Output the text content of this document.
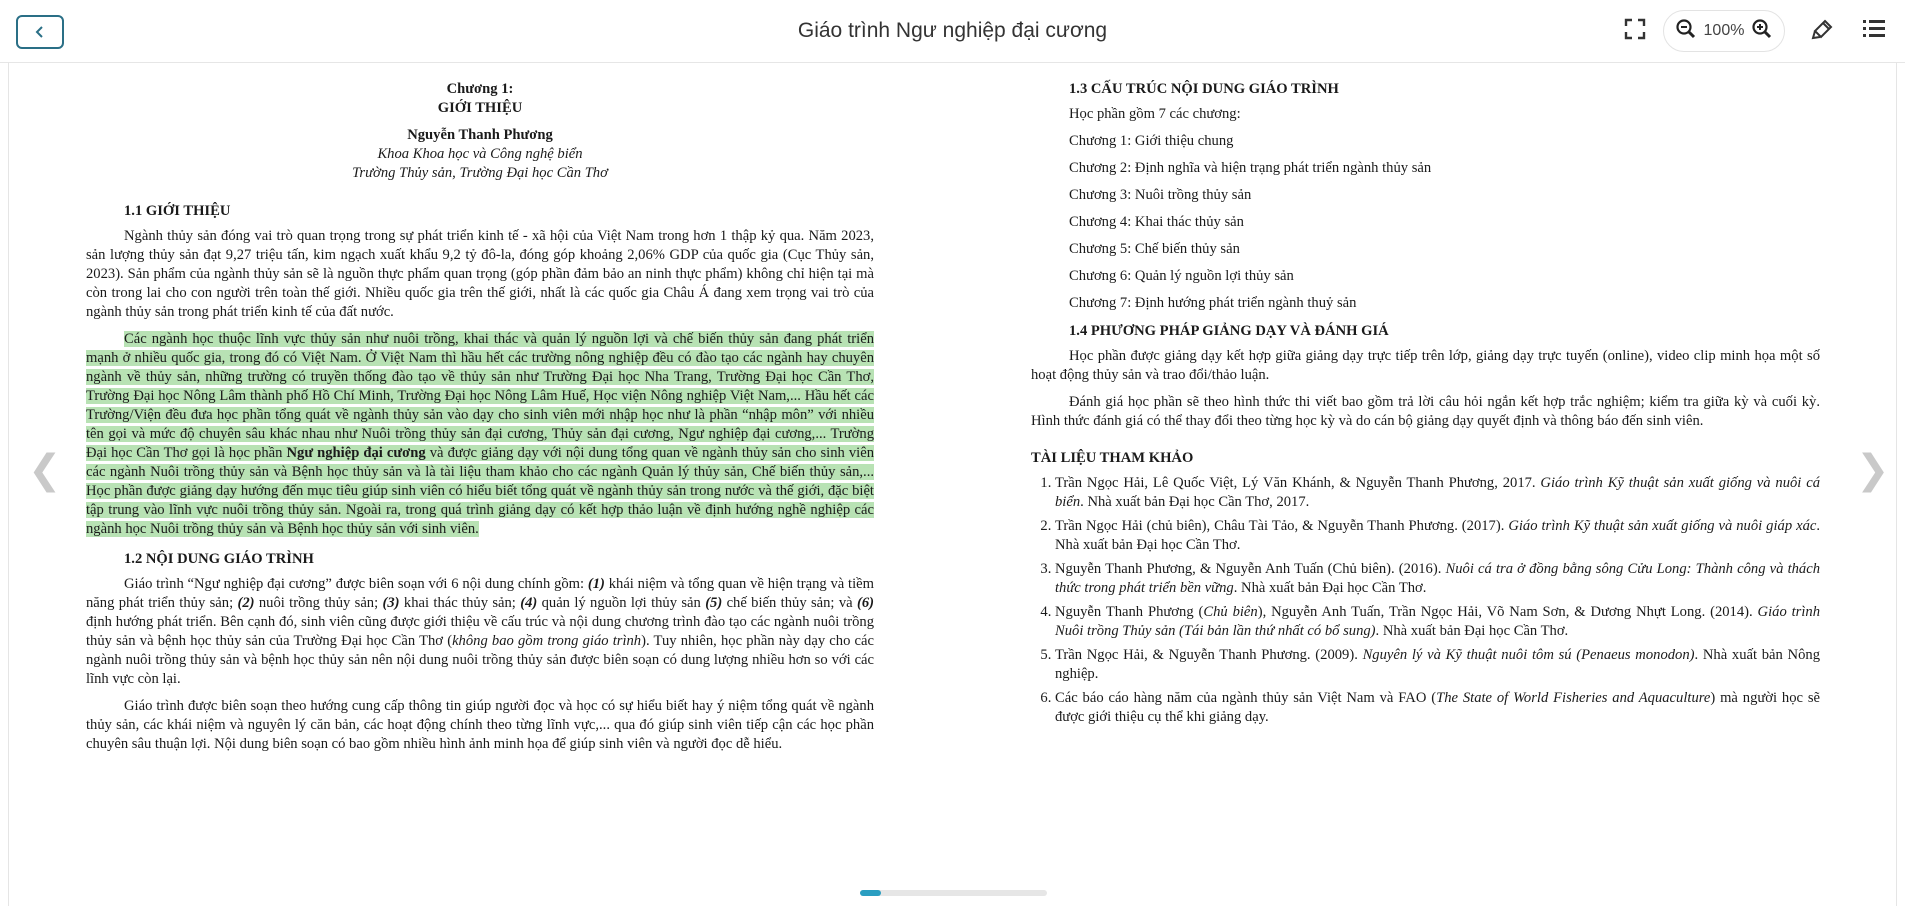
Giáo trình Ngư nghiệp đại cương	100%
❮	❯

Chương 1:

GIỚI THIỆU

Nguyễn Thanh Phương

Khoa Khoa học và Công nghệ biển

Trường Thủy sản, Trường Đại học Cần Thơ

1.1 GIỚI THIỆU

Ngành thủy sản đóng vai trò quan trọng trong sự phát triển kinh tế - xã hội của Việt Nam trong hơn 1 thập kỷ qua. Năm 2023, sản lượng thủy sản đạt 9,27 triệu tấn, kim ngạch xuất khẩu 9,2 tỷ đô-la, đóng góp khoảng 2,06% GDP của quốc gia (Cục Thủy sản, 2023). Sản phẩm của ngành thủy sản sẽ là nguồn thực phẩm quan trọng (góp phần đảm bảo an ninh thực phẩm) không chỉ hiện tại mà còn trong lai cho con người trên toàn thế giới. Nhiều quốc gia trên thế giới, nhất là các quốc gia Châu Á đang xem trọng vai trò của ngành thủy sản trong phát triển kinh tế của đất nước.

Các ngành học thuộc lĩnh vực thủy sản như nuôi trồng, khai thác và quản lý nguồn lợi và chế biến thủy sản đang phát triển mạnh ở nhiều quốc gia, trong đó có Việt Nam. Ở Việt Nam thì hầu hết các trường nông nghiệp đều có đào tạo các ngành hay chuyên ngành về thủy sản, những trường có truyền thống đào tạo về thủy sản như Trường Đại học Nha Trang, Trường Đại học Cần Thơ, Trường Đại học Nông Lâm thành phố Hồ Chí Minh, Trường Đại học Nông Lâm Huế, Học viện Nông nghiệp Việt Nam,... Hầu hết các Trường/Viện đều đưa học phần tổng quát về ngành thủy sản vào dạy cho sinh viên mới nhập học như là phần “nhập môn” với nhiều tên gọi và mức độ chuyên sâu khác nhau như Nuôi trồng thủy sản đại cương, Thủy sản đại cương, Ngư nghiệp đại cương,... Trường Đại học Cần Thơ gọi là học phần Ngư nghiệp đại cương và được giảng dạy với nội dung tổng quan về ngành thủy sản cho sinh viên các ngành Nuôi trồng thủy sản và Bệnh học thủy sản và là tài liệu tham khảo cho các ngành Quản lý thủy sản, Chế biến thủy sản,... Học phần được giảng dạy hướng đến mục tiêu giúp sinh viên có hiểu biết tổng quát về ngành thủy sản trong nước và thế giới, đặc biệt tập trung vào lĩnh vực nuôi trồng thủy sản. Ngoài ra, trong quá trình giảng dạy có kết hợp thảo luận về định hướng nghề nghiệp các ngành học Nuôi trồng thủy sản và Bệnh học thủy sản với sinh viên.

1.2 NỘI DUNG GIÁO TRÌNH

Giáo trình “Ngư nghiệp đại cương” được biên soạn với 6 nội dung chính gồm: (1) khái niệm và tổng quan về hiện trạng và tiềm năng phát triển thủy sản; (2) nuôi trồng thủy sản; (3) khai thác thủy sản; (4) quản lý nguồn lợi thủy sản (5) chế biến thủy sản; và (6) định hướng phát triển. Bên cạnh đó, sinh viên cũng được giới thiệu về cấu trúc và nội dung chương trình đào tạo các ngành nuôi trồng thủy sản và bệnh học thủy sản của Trường Đại học Cần Thơ (không bao gồm trong giáo trình). Tuy nhiên, học phần này dạy cho các ngành nuôi trồng thủy sản và bệnh học thủy sản nên nội dung nuôi trồng thủy sản được biên soạn có dung lượng nhiều hơn so với các lĩnh vực còn lại.

Giáo trình được biên soạn theo hướng cung cấp thông tin giúp người đọc và học có sự hiểu biết hay ý niệm tổng quát về ngành thủy sản, các khái niệm và nguyên lý căn bản, các hoạt động chính theo từng lĩnh vực,... qua đó giúp sinh viên tiếp cận các học phần chuyên sâu thuận lợi. Nội dung biên soạn có bao gồm nhiều hình ảnh minh họa để giúp sinh viên và người đọc dễ hiểu.

1.3 CẤU TRÚC NỘI DUNG GIÁO TRÌNH

Học phần gồm 7 các chương:

Chương 1: Giới thiệu chung

Chương 2: Định nghĩa và hiện trạng phát triển ngành thủy sản

Chương 3: Nuôi trồng thủy sản

Chương 4: Khai thác thủy sản

Chương 5: Chế biến thủy sản

Chương 6: Quản lý nguồn lợi thủy sản

Chương 7: Định hướng phát triển ngành thuỷ sản

1.4 PHƯƠNG PHÁP GIẢNG DẠY VÀ ĐÁNH GIÁ

Học phần được giảng dạy kết hợp giữa giảng dạy trực tiếp trên lớp, giảng dạy trực tuyến (online), video clip minh họa một số hoạt động thủy sản và trao đổi/thảo luận.

Đánh giá học phần sẽ theo hình thức thi viết bao gồm trả lời câu hỏi ngắn kết hợp trắc nghiệm; kiểm tra giữa kỳ và cuối kỳ. Hình thức đánh giá có thể thay đổi theo từng học kỳ và do cán bộ giảng dạy quyết định và thông báo đến sinh viên.

TÀI LIỆU THAM KHẢO
1. Trần Ngọc Hải, Lê Quốc Việt, Lý Văn Khánh, & Nguyễn Thanh Phương, 2017. Giáo trình Kỹ thuật sản xuất giống và nuôi cá biển. Nhà xuất bản Đại học Cần Thơ, 2017.
2. Trần Ngọc Hải (chủ biên), Châu Tài Tảo, & Nguyễn Thanh Phương. (2017). Giáo trình Kỹ thuật sản xuất giống và nuôi giáp xác. Nhà xuất bản Đại học Cần Thơ.
3. Nguyễn Thanh Phương, & Nguyễn Anh Tuấn (Chủ biên). (2016). Nuôi cá tra ở đồng bằng sông Cửu Long: Thành công và thách thức trong phát triển bền vững. Nhà xuất bản Đại học Cần Thơ.
4. Nguyễn Thanh Phương (Chủ biên), Nguyễn Anh Tuấn, Trần Ngọc Hải, Võ Nam Sơn, & Dương Nhựt Long. (2014). Giáo trình Nuôi trồng Thủy sản (Tái bản lần thứ nhất có bổ sung). Nhà xuất bản Đại học Cần Thơ.
5. Trần Ngọc Hải, & Nguyễn Thanh Phương. (2009). Nguyên lý và Kỹ thuật nuôi tôm sú (Penaeus monodon). Nhà xuất bản Nông nghiệp.
6. Các báo cáo hàng năm của ngành thủy sản Việt Nam và FAO (The State of World Fisheries and Aquaculture) mà người học sẽ được giới thiệu cụ thể khi giảng dạy.
